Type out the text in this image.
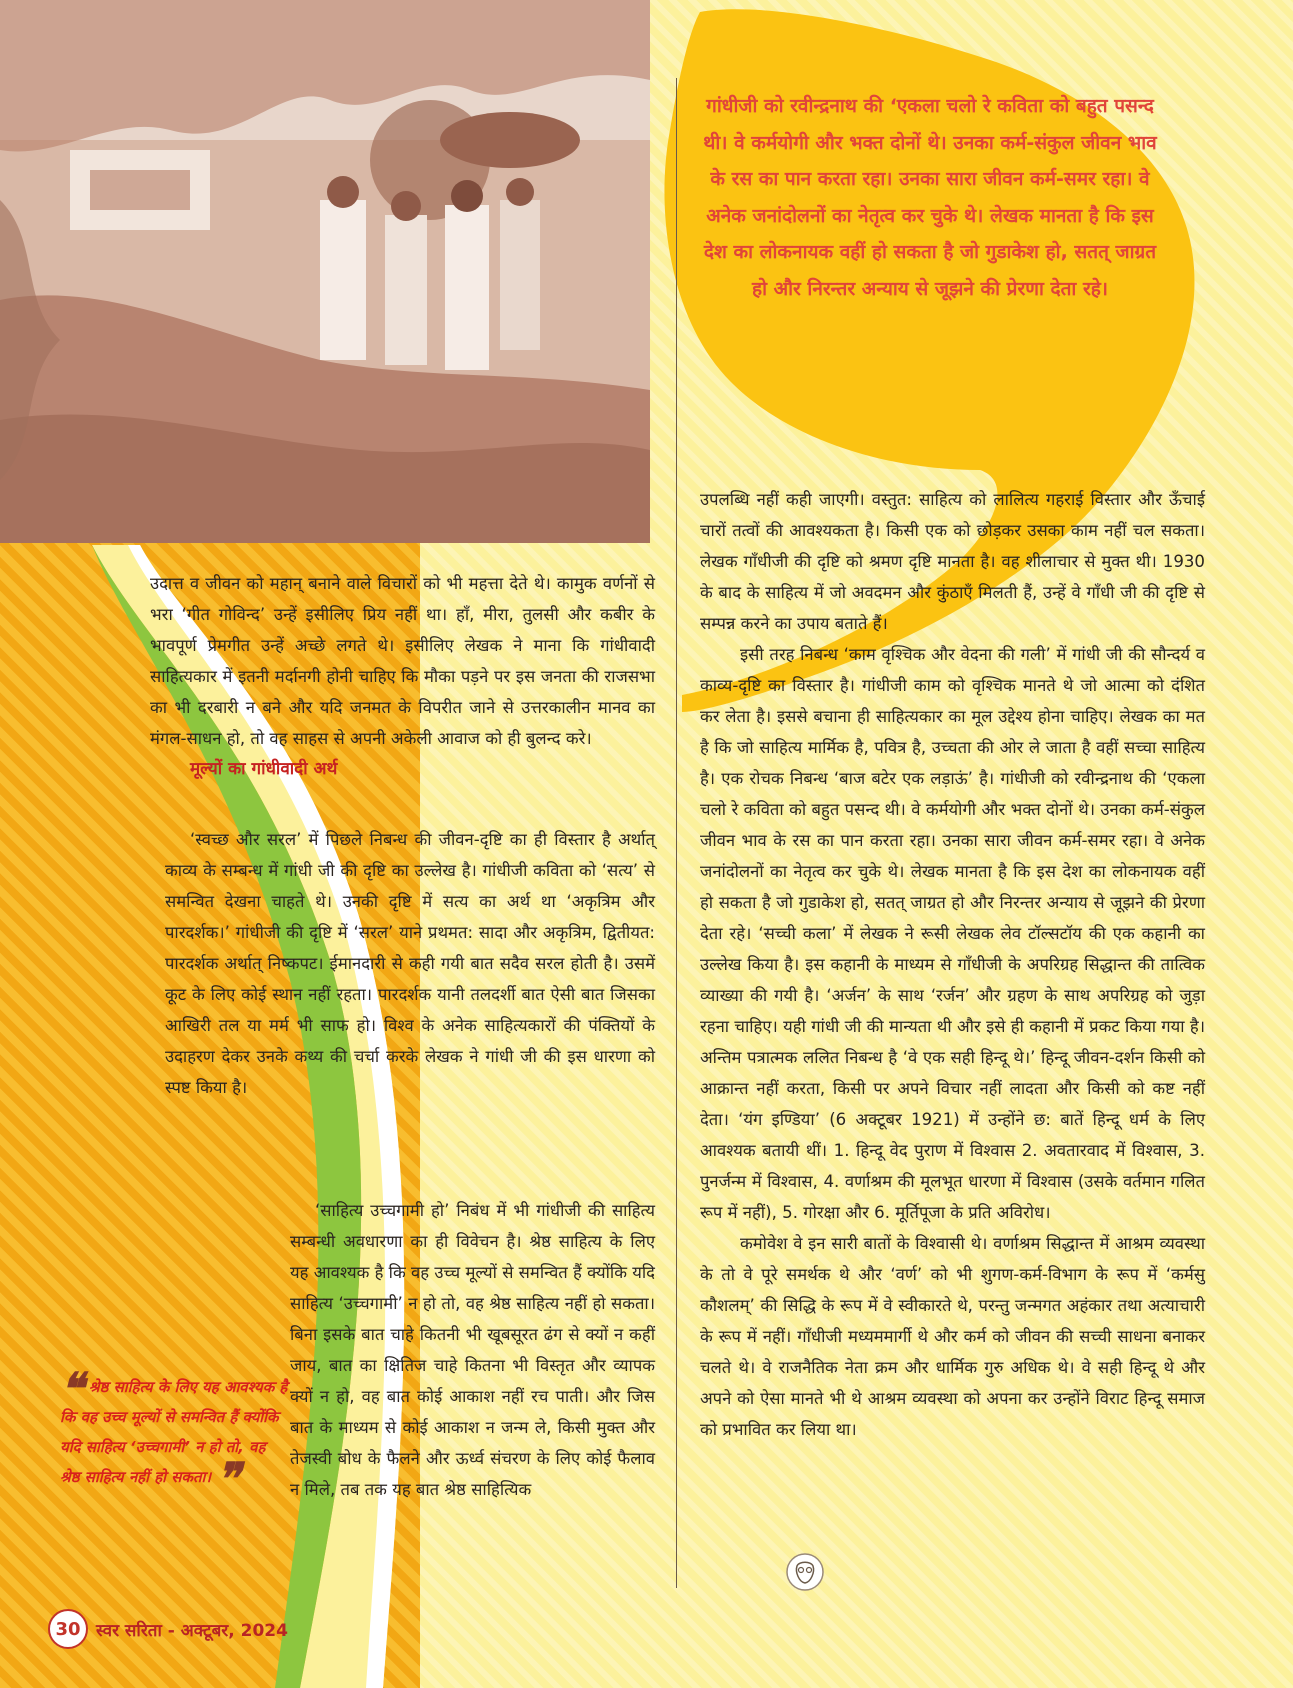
गांधीजी को रवीन्द्रनाथ की ‘एकला चलो रे कविता को बहुत पसन्द थी। वे कर्मयोगी और भक्त दोनों थे। उनका कर्म-संकुल जीवन भाव के रस का पान करता रहा। उनका सारा जीवन कर्म-समर रहा। वे अनेक जनांदोलनों का नेतृत्व कर चुके थे। लेखक मानता है कि इस देश का लोकनायक वहीं हो सकता है जो गुडाकेश हो, सतत् जाग्रत हो और निरन्तर अन्याय से जूझने की प्रेरणा देता रहे।

उदात्त व जीवन को महान् बनाने वाले विचारों को भी महत्ता देते थे। कामुक वर्णनों से भरा ‘गीत गोविन्द’ उन्हें इसीलिए प्रिय नहीं था। हाँ, मीरा, तुलसी और कबीर के भावपूर्ण प्रेमगीत उन्हें अच्छे लगते थे। इसीलिए लेखक ने माना कि गांधीवादी साहित्यकार में इतनी मर्दानगी होनी चाहिए कि मौका पड़ने पर इस जनता की राजसभा का भी दरबारी न बने और यदि जनमत के विपरीत जाने से उत्तरकालीन मानव का मंगल-साधन हो, तो वह साहस से अपनी अकेली आवाज को ही बुलन्द करे।

मूल्यों का गांधीवादी अर्थ

‘स्वच्छ और सरल’ में पिछले निबन्ध की जीवन-दृष्टि का ही विस्तार है अर्थात् काव्य के सम्बन्ध में गांधी जी की दृष्टि का उल्लेख है। गांधीजी कविता को ‘सत्य’ से समन्वित देखना चाहते थे। उनकी दृष्टि में सत्य का अर्थ था ‘अकृत्रिम और पारदर्शक।’ गांधीजी की दृष्टि में ‘सरल’ याने प्रथमत: सादा और अकृत्रिम, द्वितीयत: पारदर्शक अर्थात् निष्कपट। ईमानदारी से कही गयी बात सदैव सरल होती है। उसमें कूट के लिए कोई स्थान नहीं रहता। पारदर्शक यानी तलदर्शी बात ऐसी बात जिसका आखिरी तल या मर्म भी साफ हो। विश्व के अनेक साहित्यकारों की पंक्तियों के उदाहरण देकर उनके कथ्य की चर्चा करके लेखक ने गांधी जी की इस धारणा को स्पष्ट किया है।

‘साहित्य उच्चगामी हो’ निबंध में भी गांधीजी की साहित्य सम्बन्धी अवधारणा का ही विवेचन है। श्रेष्ठ साहित्य के लिए यह आवश्यक है कि वह उच्च मूल्यों से समन्वित हैं क्योंकि यदि साहित्य ‘उच्चगामी’ न हो तो, वह श्रेष्ठ साहित्य नहीं हो सकता। बिना इसके बात चाहे कितनी भी खूबसूरत ढंग से क्यों न कहीं जाय, बात का क्षितिज चाहे कितना भी विस्तृत और व्यापक क्यों न हो, वह बात कोई आकाश नहीं रच पाती। और जिस बात के माध्यम से कोई आकाश न जन्म ले, किसी मुक्त और तेजस्वी बोध के फैलने और ऊर्ध्व संचरण के लिए कोई फैलाव न मिले, तब तक यह बात श्रेष्ठ साहित्यिक

❝ श्रेष्ठ साहित्य के लिए यह आवश्यक है कि वह उच्च मूल्यों से समन्वित हैं क्योंकि यदि साहित्य ‘उच्चगामी’ न हो तो, वह श्रेष्ठ साहित्य नहीं हो सकता। ❞

उपलब्धि नहीं कही जाएगी। वस्तुत: साहित्य को लालित्य गहराई विस्तार और ऊँचाई चारों तत्वों की आवश्यकता है। किसी एक को छोड़कर उसका काम नहीं चल सकता। लेखक गाँधीजी की दृष्टि को श्रमण दृष्टि मानता है। वह शीलाचार से मुक्त थी। 1930 के बाद के साहित्य में जो अवदमन और कुंठाएँ मिलती हैं, उन्हें वे गाँधी जी की दृष्टि से सम्पन्न करने का उपाय बताते हैं।

इसी तरह निबन्ध ‘काम वृश्चिक और वेदना की गली’ में गांधी जी की सौन्दर्य व काव्य-दृष्टि का विस्तार है। गांधीजी काम को वृश्चिक मानते थे जो आत्मा को दंशित कर लेता है। इससे बचाना ही साहित्यकार का मूल उद्देश्य होना चाहिए। लेखक का मत है कि जो साहित्य मार्मिक है, पवित्र है, उच्चता की ओर ले जाता है वहीं सच्चा साहित्य है। एक रोचक निबन्ध ‘बाज बटेर एक लड़ाऊं’ है। गांधीजी को रवीन्द्रनाथ की ‘एकला चलो रे कविता को बहुत पसन्द थी। वे कर्मयोगी और भक्त दोनों थे। उनका कर्म-संकुल जीवन भाव के रस का पान करता रहा। उनका सारा जीवन कर्म-समर रहा। वे अनेक जनांदोलनों का नेतृत्व कर चुके थे। लेखक मानता है कि इस देश का लोकनायक वहीं हो सकता है जो गुडाकेश हो, सतत् जाग्रत हो और निरन्तर अन्याय से जूझने की प्रेरणा देता रहे। ‘सच्ची कला’ में लेखक ने रूसी लेखक लेव टॉल्सटॉय की एक कहानी का उल्लेख किया है। इस कहानी के माध्यम से गाँधीजी के अपरिग्रह सिद्धान्त की तात्विक व्याख्या की गयी है। ‘अर्जन’ के साथ ‘रर्जन’ और ग्रहण के साथ अपरिग्रह को जुड़ा रहना चाहिए। यही गांधी जी की मान्यता थी और इसे ही कहानी में प्रकट किया गया है। अन्तिम पत्रात्मक ललित निबन्ध है ‘वे एक सही हिन्दू थे।’ हिन्दू जीवन-दर्शन किसी को आक्रान्त नहीं करता, किसी पर अपने विचार नहीं लादता और किसी को कष्ट नहीं देता। ‘यंग इण्डिया’ (6 अक्टूबर 1921) में उन्होंने छ: बातें हिन्दू धर्म के लिए आवश्यक बतायी थीं। 1. हिन्दू वेद पुराण में विश्वास 2. अवतारवाद में विश्वास, 3. पुनर्जन्म में विश्वास, 4. वर्णाश्रम की मूलभूत धारणा में विश्वास (उसके वर्तमान गलित रूप में नहीं), 5. गोरक्षा और 6. मूर्तिपूजा के प्रति अविरोध।

कमोवेश वे इन सारी बातों के विश्वासी थे। वर्णाश्रम सिद्धान्त में आश्रम व्यवस्था के तो वे पूरे समर्थक थे और ‘वर्ण’ को भी शुगण-कर्म-विभाग के रूप में ‘कर्मसु कौशलम्’ की सिद्धि के रूप में वे स्वीकारते थे, परन्तु जन्मगत अहंकार तथा अत्याचारी के रूप में नहीं। गाँधीजी मध्यममार्गी थे और कर्म को जीवन की सच्ची साधना बनाकर चलते थे। वे राजनैतिक नेता क्रम और धार्मिक गुरु अधिक थे। वे सही हिन्दू थे और अपने को ऐसा मानते भी थे आश्रम व्यवस्था को अपना कर उन्होंने विराट हिन्दू समाज को प्रभावित कर लिया था।

30 स्वर सरिता - अक्टूबर, 2024
